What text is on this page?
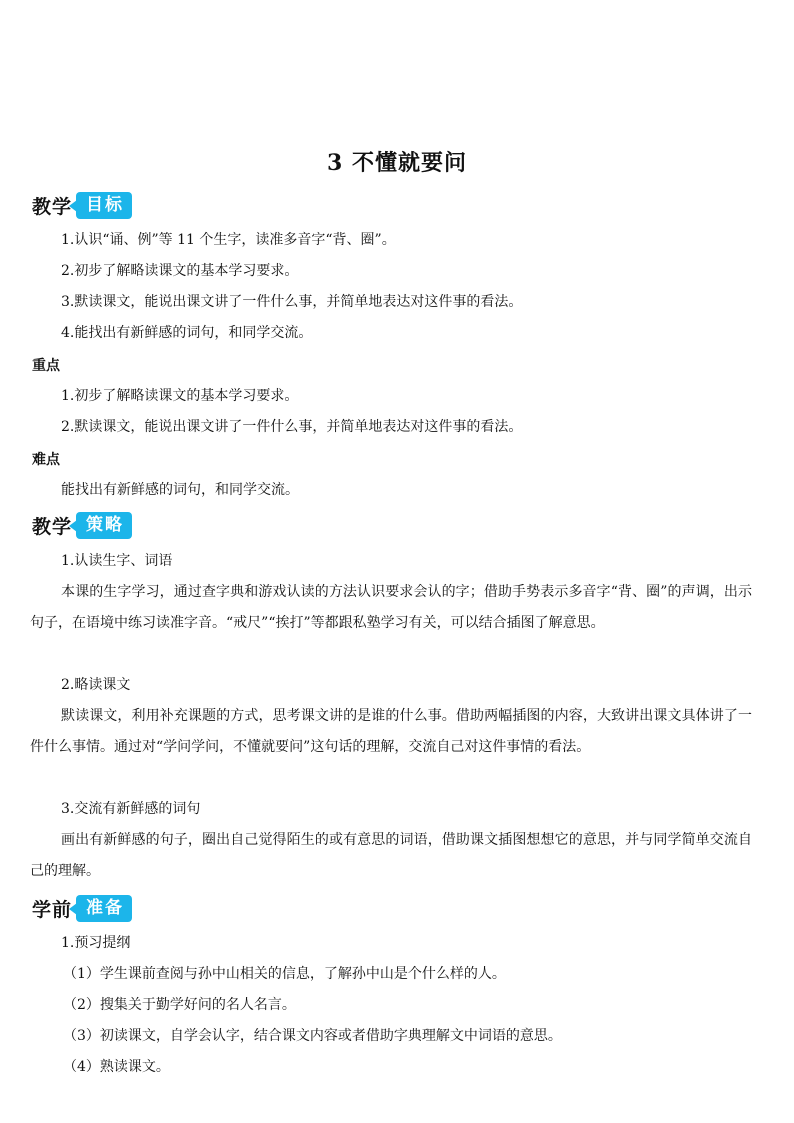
3 不懂就要问
教学 目标
1.认识“诵、例”等 11 个生字，读准多音字“背、圈”。
2.初步了解略读课文的基本学习要求。
3.默读课文，能说出课文讲了一件什么事，并简单地表达对这件事的看法。
4.能找出有新鲜感的词句，和同学交流。
重点
1.初步了解略读课文的基本学习要求。
2.默读课文，能说出课文讲了一件什么事，并简单地表达对这件事的看法。
难点
能找出有新鲜感的词句，和同学交流。
教学 策略
1.认读生字、词语
本课的生字学习，通过查字典和游戏认读的方法认识要求会认的字；借助手势表示多音字“背、圈”的声调，出示句子，在语境中练习读准字音。“戒尺”“挨打”等都跟私塾学习有关，可以结合插图了解意思。
2.略读课文
默读课文，利用补充课题的方式，思考课文讲的是谁的什么事。借助两幅插图的内容，大致讲出课文具体讲了一件什么事情。通过对“学问学问，不懂就要问”这句话的理解，交流自己对这件事情的看法。
3.交流有新鲜感的词句
画出有新鲜感的句子，圈出自己觉得陌生的或有意思的词语，借助课文插图想想它的意思，并与同学简单交流自己的理解。
学前 准备
1.预习提纲
（1）学生课前查阅与孙中山相关的信息，了解孙中山是个什么样的人。
（2）搜集关于勤学好问的名人名言。
（3）初读课文，自学会认字，结合课文内容或者借助字典理解文中词语的意思。
（4）熟读课文。
